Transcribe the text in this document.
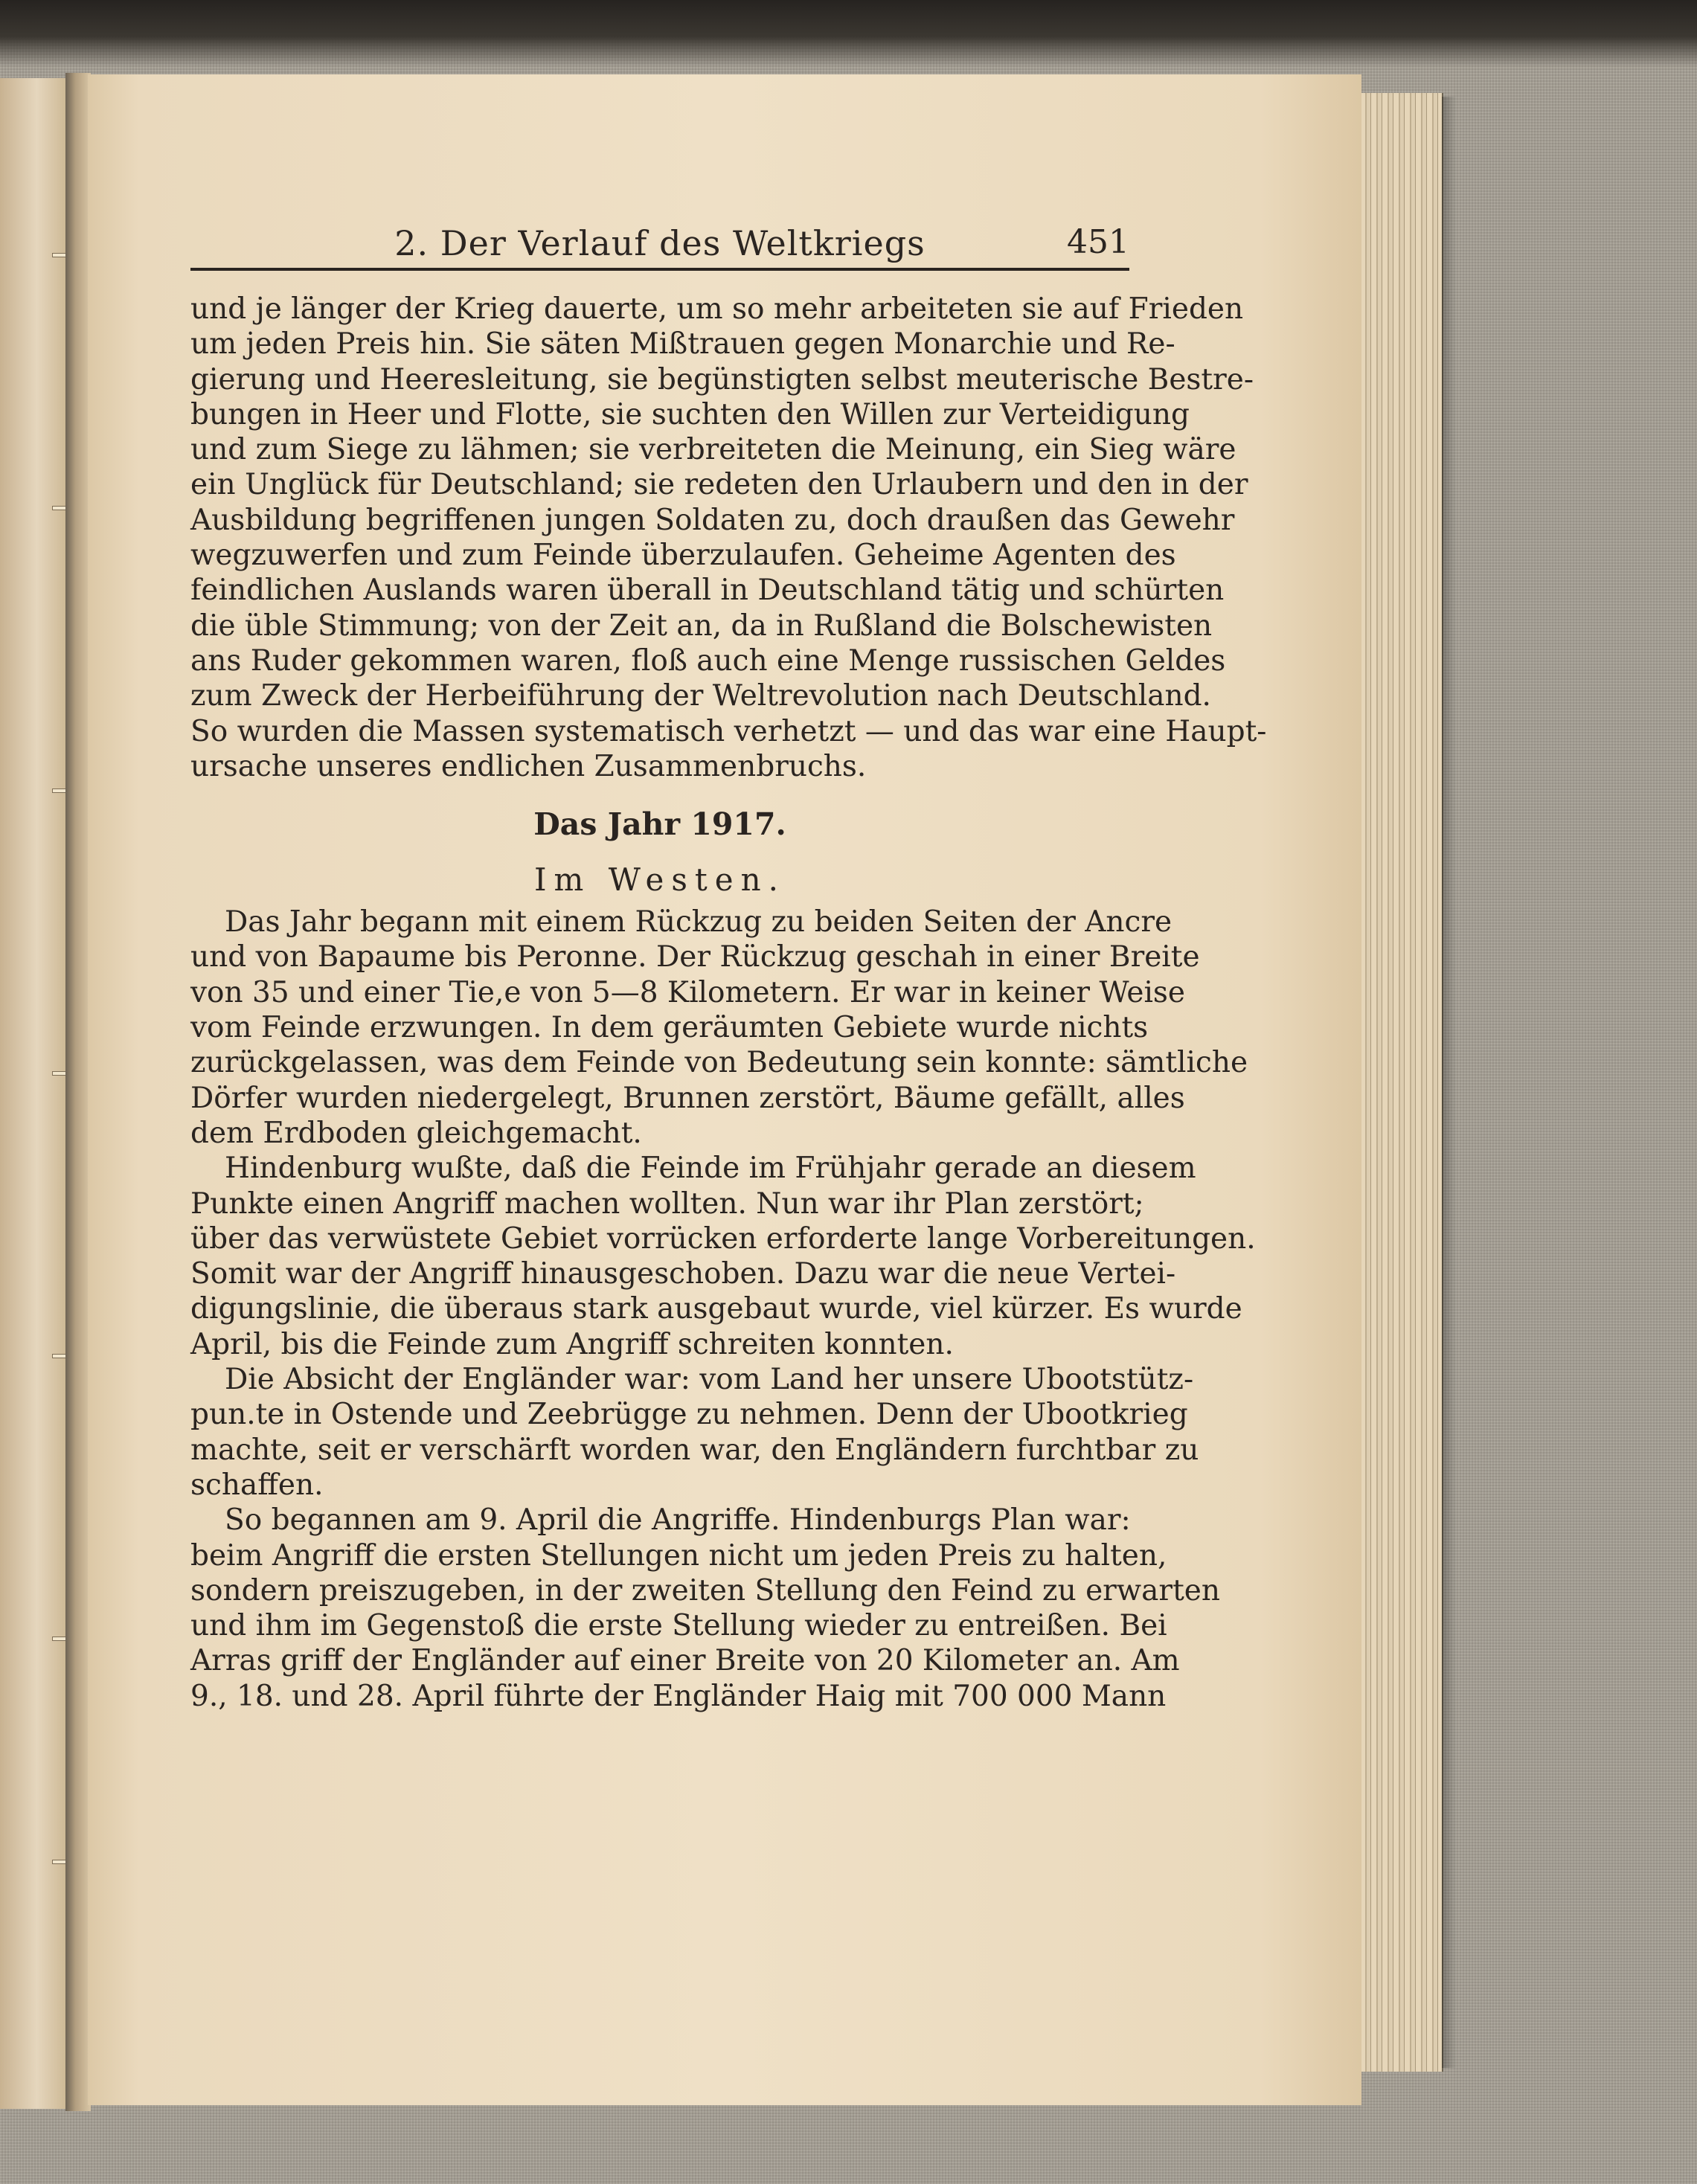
2. Der Verlauf des Weltkriegs	451
und je länger der Krieg dauerte, um so mehr arbeiteten sie auf Frieden
um jeden Preis hin. Sie säten Mißtrauen gegen Monarchie und Re-
gierung und Heeresleitung, sie begünstigten selbst meuterische Bestre-
bungen in Heer und Flotte, sie suchten den Willen zur Verteidigung
und zum Siege zu lähmen; sie verbreiteten die Meinung, ein Sieg wäre
ein Unglück für Deutschland; sie redeten den Urlaubern und den in der
Ausbildung begriffenen jungen Soldaten zu, doch draußen das Gewehr
wegzuwerfen und zum Feinde überzulaufen. Geheime Agenten des
feindlichen Auslands waren überall in Deutschland tätig und schürten
die üble Stimmung; von der Zeit an, da in Rußland die Bolschewisten
ans Ruder gekommen waren, floß auch eine Menge russischen Geldes
zum Zweck der Herbeiführung der Weltrevolution nach Deutschland.
So wurden die Massen systematisch verhetzt — und das war eine Haupt-
ursache unseres endlichen Zusammenbruchs.
Das Jahr 1917.
Im Westen.
Das Jahr begann mit einem Rückzug zu beiden Seiten der Ancre
und von Bapaume bis Peronne. Der Rückzug geschah in einer Breite
von 35 und einer Tie,e von 5—8 Kilometern. Er war in keiner Weise
vom Feinde erzwungen. In dem geräumten Gebiete wurde nichts
zurückgelassen, was dem Feinde von Bedeutung sein konnte: sämtliche
Dörfer wurden niedergelegt, Brunnen zerstört, Bäume gefällt, alles
dem Erdboden gleichgemacht.
Hindenburg wußte, daß die Feinde im Frühjahr gerade an diesem
Punkte einen Angriff machen wollten. Nun war ihr Plan zerstört;
über das verwüstete Gebiet vorrücken erforderte lange Vorbereitungen.
Somit war der Angriff hinausgeschoben. Dazu war die neue Vertei-
digungslinie, die überaus stark ausgebaut wurde, viel kürzer. Es wurde
April, bis die Feinde zum Angriff schreiten konnten.
Die Absicht der Engländer war: vom Land her unsere Ubootstütz-
pun.te in Ostende und Zeebrügge zu nehmen. Denn der Ubootkrieg
machte, seit er verschärft worden war, den Engländern furchtbar zu
schaffen.
So begannen am 9. April die Angriffe. Hindenburgs Plan war:
beim Angriff die ersten Stellungen nicht um jeden Preis zu halten,
sondern preiszugeben, in der zweiten Stellung den Feind zu erwarten
und ihm im Gegenstoß die erste Stellung wieder zu entreißen. Bei
Arras griff der Engländer auf einer Breite von 20 Kilometer an. Am
9., 18. und 28. April führte der Engländer Haig mit 700 000 Mann
